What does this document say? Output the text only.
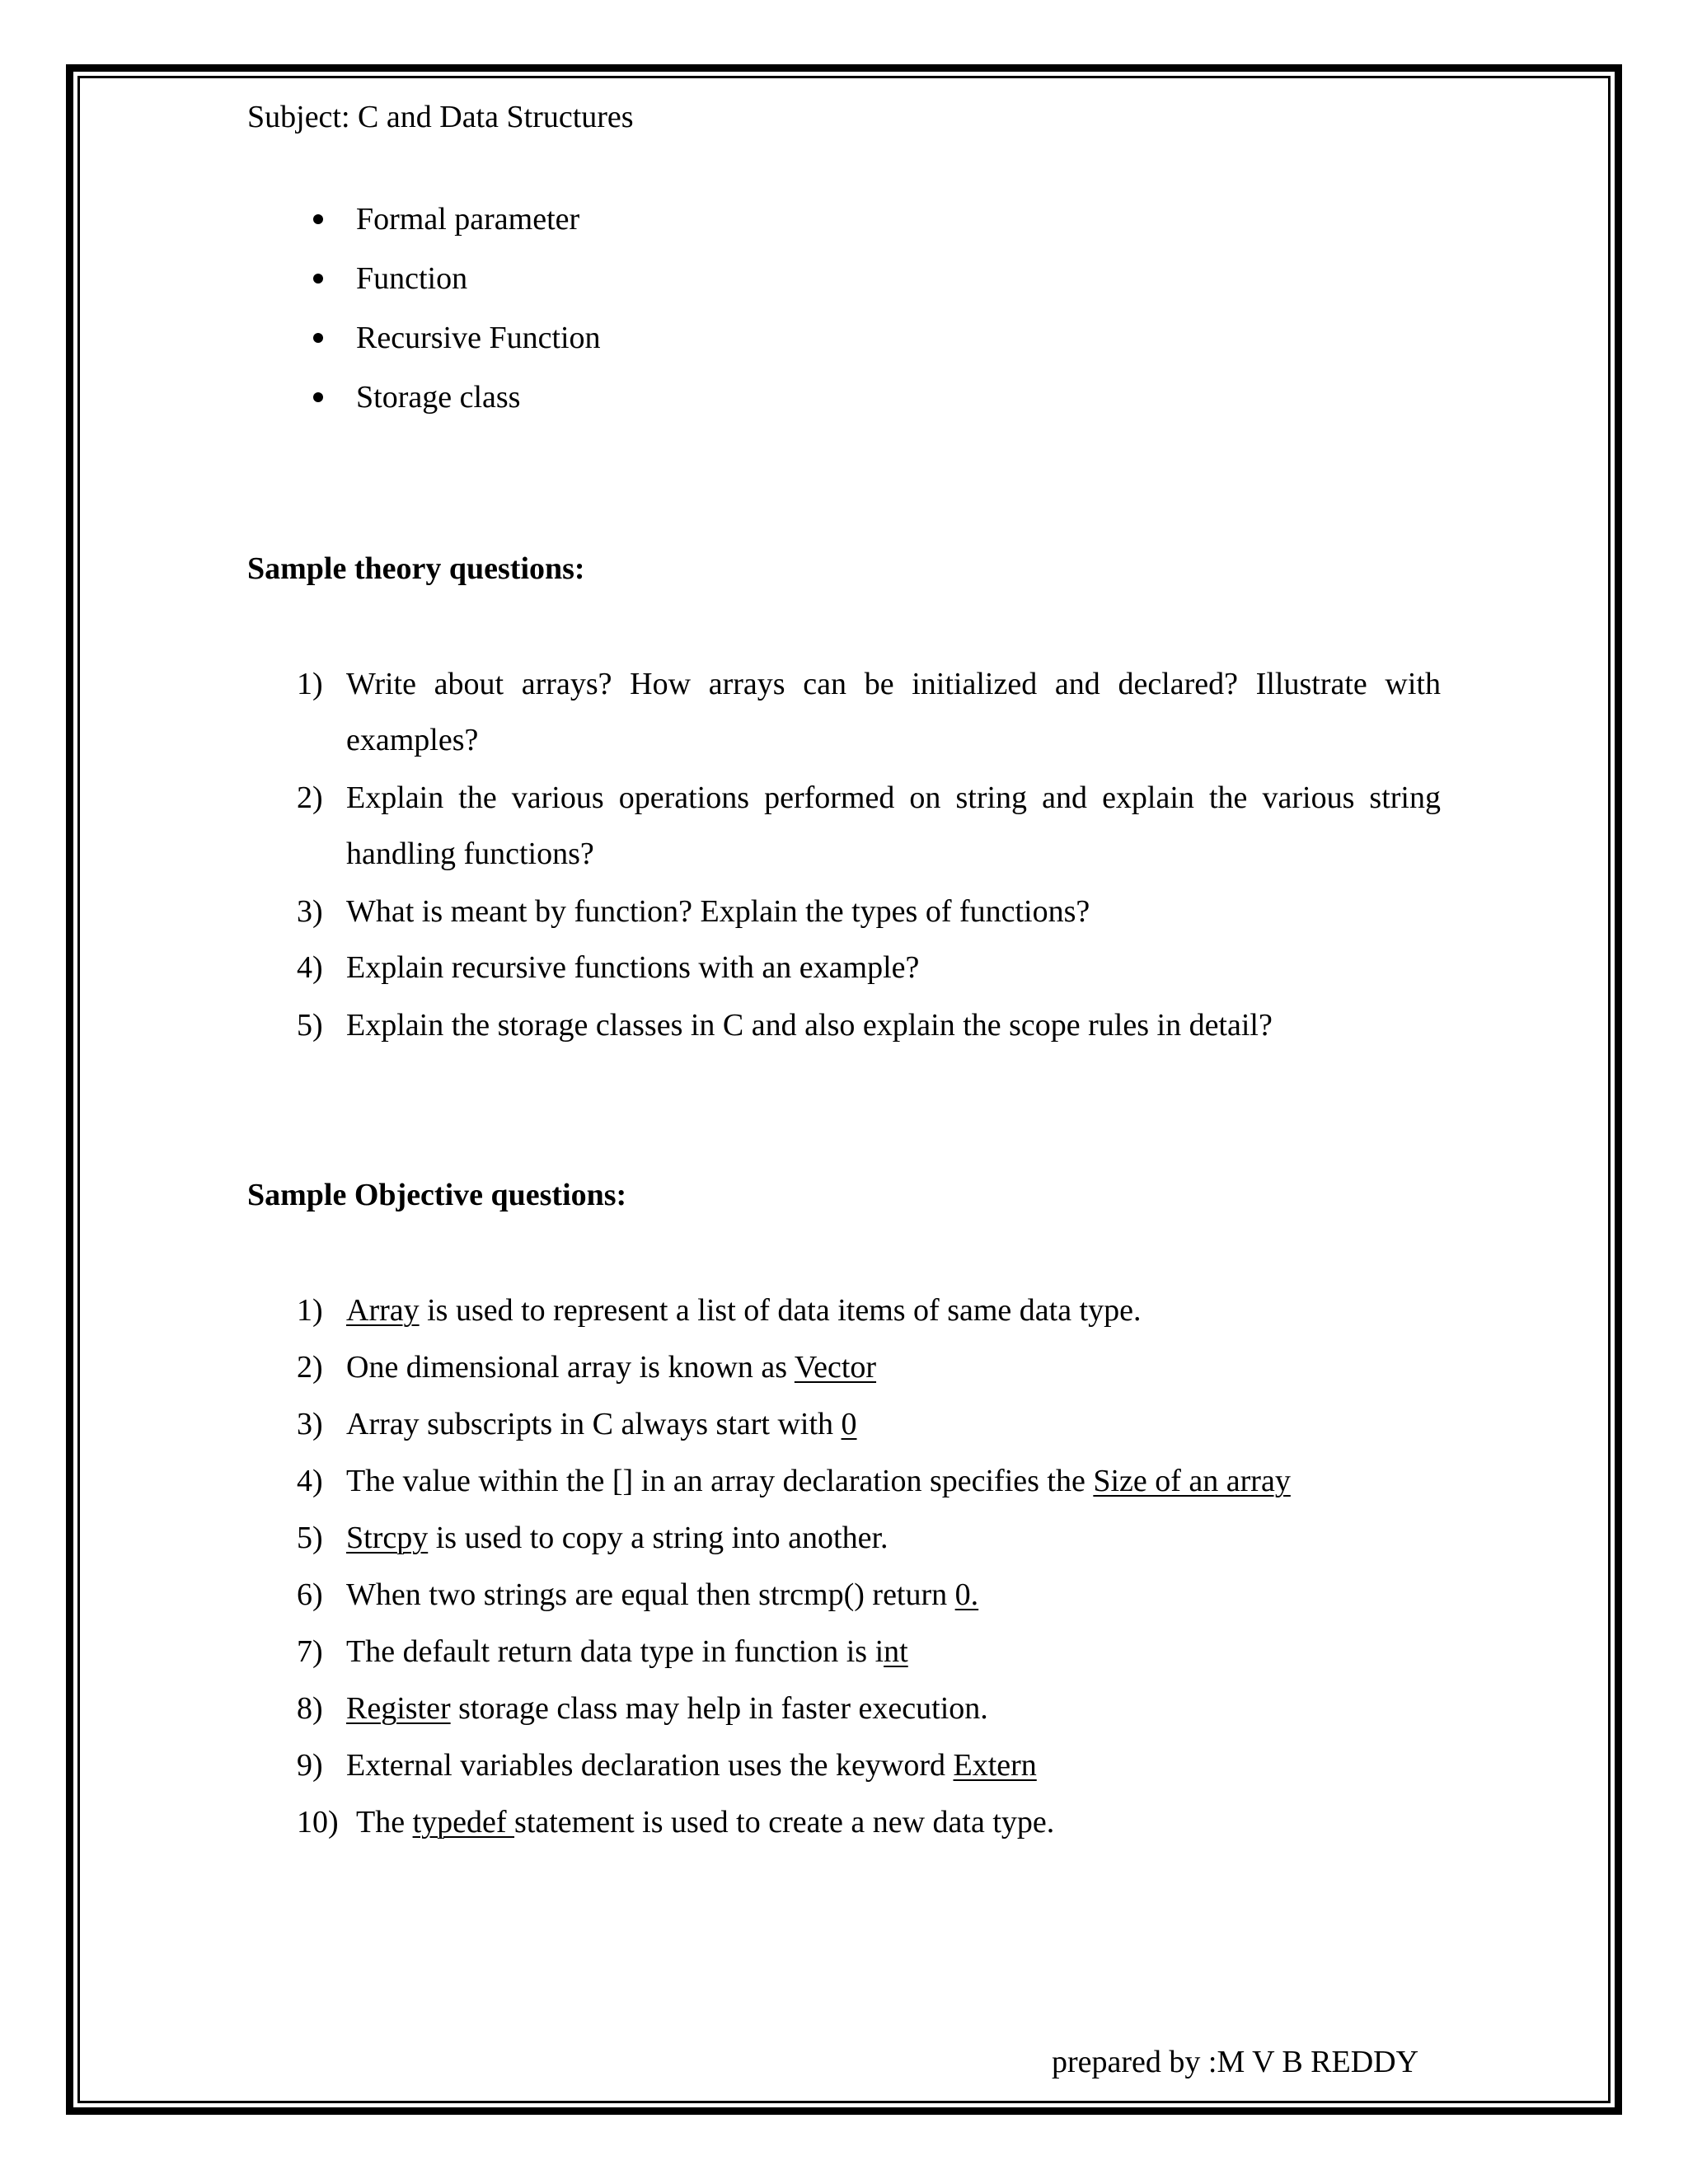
Subject: C and Data Structures
Formal parameter
Function
Recursive Function
Storage class
Sample theory questions:
1) Write about arrays? How arrays can be initialized and declared? Illustrate with
examples?
2) Explain the various operations performed on string and explain the various string
handling functions?
3) What is meant by function? Explain the types of functions?
4) Explain recursive functions with an example?
5) Explain the storage classes in C and also explain the scope rules in detail?
Sample Objective questions:
1) Array is used to represent a list of data items of same data type.
2) One dimensional array is known as Vector
3) Array subscripts in C always start with 0
4) The value within the [] in an array declaration specifies the Size of an array
5) Strcpy is used to copy a string into another.
6) When two strings are equal then strcmp() return 0.
7) The default return data type in function is int
8) Register storage class may help in faster execution.
9) External variables declaration uses the keyword Extern
10) The typedef statement is used to create a new data type.
prepared by :M V B REDDY
